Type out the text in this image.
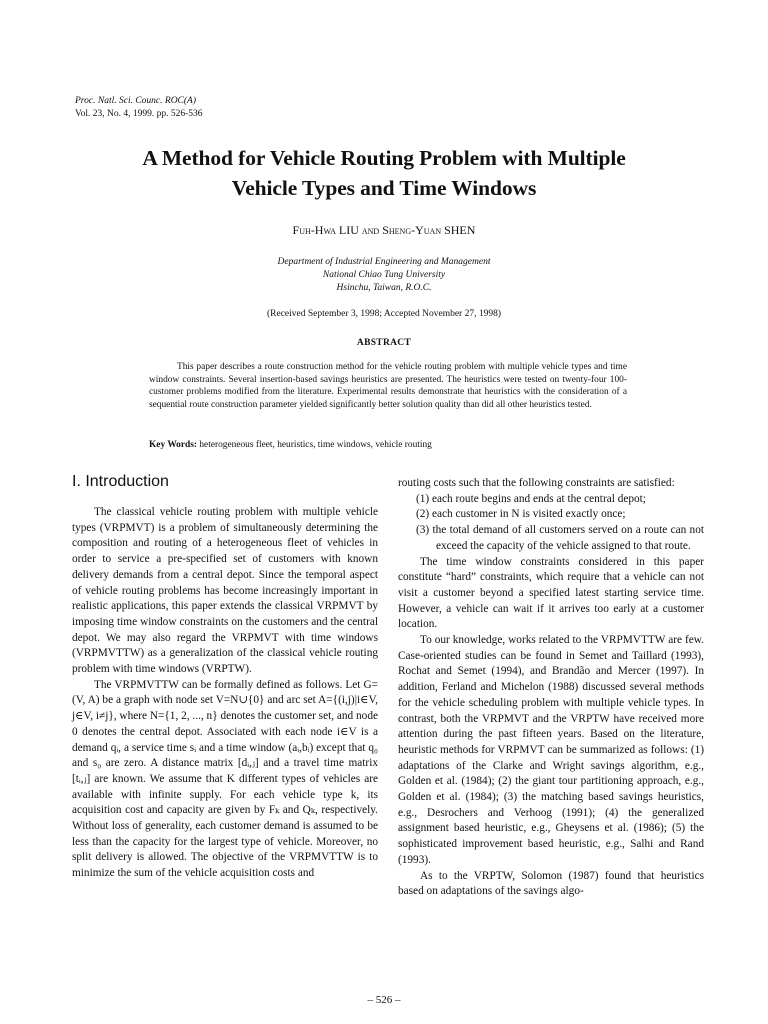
Proc. Natl. Sci. Counc. ROC(A)
Vol. 23, No. 4, 1999. pp. 526-536
A Method for Vehicle Routing Problem with Multiple
Vehicle Types and Time Windows
Fuh-Hwa LIU and Sheng-Yuan SHEN
Department of Industrial Engineering and Management
National Chiao Tung University
Hsinchu, Taiwan, R.O.C.
(Received September 3, 1998; Accepted November 27, 1998)
ABSTRACT
This paper describes a route construction method for the vehicle routing problem with multiple vehicle types and time window constraints. Several insertion-based savings heuristics are presented. The heuristics were tested on twenty-four 100-customer problems modified from the literature. Experimental results demonstrate that heuristics with the consideration of a sequential route construction parameter yielded significantly better solution quality than did all other heuristics tested.
Key Words: heterogeneous fleet, heuristics, time windows, vehicle routing
I. Introduction

The classical vehicle routing problem with multiple vehicle types (VRPMVT) is a problem of simultaneously determining the composition and routing of a heterogeneous fleet of vehicles in order to service a pre-specified set of customers with known delivery demands from a central depot. Since the temporal aspect of vehicle routing problems has become increasingly important in realistic applications, this paper extends the classical VRPMVT by imposing time window constraints on the customers and the central depot. We may also regard the VRPMVT with time windows (VRPMVTTW) as a generalization of the classical vehicle routing problem with time windows (VRPTW).

The VRPMVTTW can be formally defined as follows. Let G=(V, A) be a graph with node set V=N∪{0} and arc set A={(i,j)|i∈V, j∈V, i≠j}, where N={1, 2, ..., n} denotes the customer set, and node 0 denotes the central depot. Associated with each node i∈V is a demand qᵢ, a service time sᵢ and a time window (aᵢ,bᵢ) except that q₀ and s₀ are zero. A distance matrix [dᵢ,ⱼ] and a travel time matrix [tᵢ,ⱼ] are known. We assume that K different types of vehicles are available with infinite supply. For each vehicle type k, its acquisition cost and capacity are given by Fₖ and Qₖ, respectively. Without loss of generality, each customer demand is assumed to be less than the capacity for the largest type of vehicle. Moreover, no split delivery is allowed. The objective of the VRPMVTTW is to minimize the sum of the vehicle acquisition costs and

routing costs such that the following constraints are satisfied:

(1) each route begins and ends at the central depot;

(2) each customer in N is visited exactly once;

(3) the total demand of all customers served on a route can not exceed the capacity of the vehicle assigned to that route.

The time window constraints considered in this paper constitute “hard” constraints, which require that a vehicle can not visit a customer beyond a specified latest starting service time. However, a vehicle can wait if it arrives too early at a customer location.

To our knowledge, works related to the VRPMVTTW are few. Case-oriented studies can be found in Semet and Taillard (1993), Rochat and Semet (1994), and Brandão and Mercer (1997). In addition, Ferland and Michelon (1988) discussed several methods for the vehicle scheduling problem with multiple vehicle types. In contrast, both the VRPMVT and the VRPTW have received more attention during the past fifteen years. Based on the literature, heuristic methods for VRPMVT can be summarized as follows: (1) adaptations of the Clarke and Wright savings algorithm, e.g., Golden et al. (1984); (2) the giant tour partitioning approach, e.g., Golden et al. (1984); (3) the matching based savings heuristics, e.g., Desrochers and Verhoog (1991); (4) the generalized assignment based heuristic, e.g., Gheysens et al. (1986); (5) the sophisticated improvement based heuristic, e.g., Salhi and Rand (1993).

As to the VRPTW, Solomon (1987) found that heuristics based on adaptations of the savings algo-

– 526 –
